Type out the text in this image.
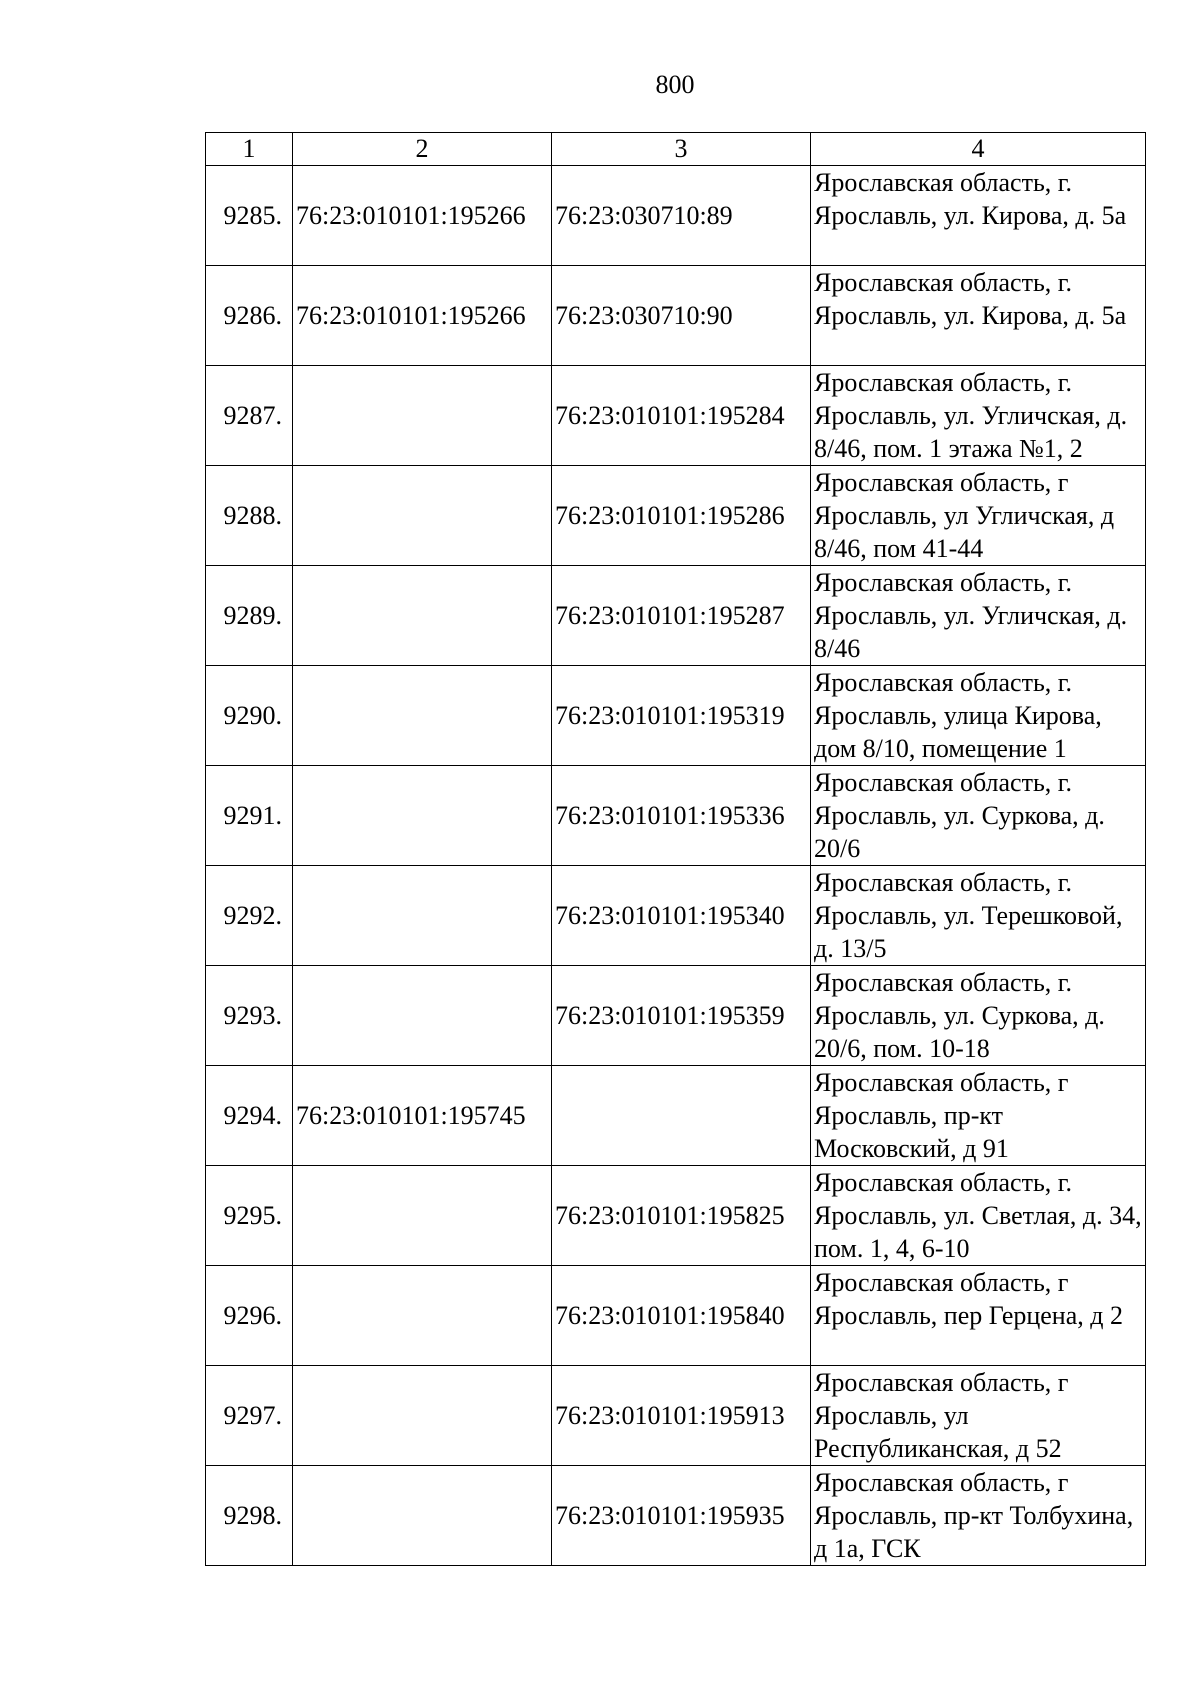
800
1	2	3	4
9285.	76:23:010101:195266	76:23:030710:89	Ярославская область, г. Ярославль, ул. Кирова, д. 5а
9286.	76:23:010101:195266	76:23:030710:90	Ярославская область, г. Ярославль, ул. Кирова, д. 5а
9287.		76:23:010101:195284	Ярославская область, г. Ярославль, ул. Угличская, д. 8/46, пом. 1 этажа №1, 2
9288.		76:23:010101:195286	Ярославская область, г Ярославль, ул Угличская, д 8/46, пом 41-44
9289.		76:23:010101:195287	Ярославская область, г. Ярославль, ул. Угличская, д. 8/46
9290.		76:23:010101:195319	Ярославская область, г. Ярославль, улица Кирова, дом 8/10, помещение 1
9291.		76:23:010101:195336	Ярославская область, г. Ярославль, ул. Суркова, д. 20/6
9292.		76:23:010101:195340	Ярославская область, г. Ярославль, ул. Терешковой, д. 13/5
9293.		76:23:010101:195359	Ярославская область, г. Ярославль, ул. Суркова, д. 20/6, пом. 10-18
9294.	76:23:010101:195745		Ярославская область, г Ярославль, пр-кт Московский, д 91
9295.		76:23:010101:195825	Ярославская область, г. Ярославль, ул. Светлая, д. 34, пом. 1, 4, 6-10
9296.		76:23:010101:195840	Ярославская область, г Ярославль, пер Герцена, д 2
9297.		76:23:010101:195913	Ярославская область, г Ярославль, ул Республиканская, д 52
9298.		76:23:010101:195935	Ярославская область, г Ярославль, пр-кт Толбухина, д 1а, ГСК
